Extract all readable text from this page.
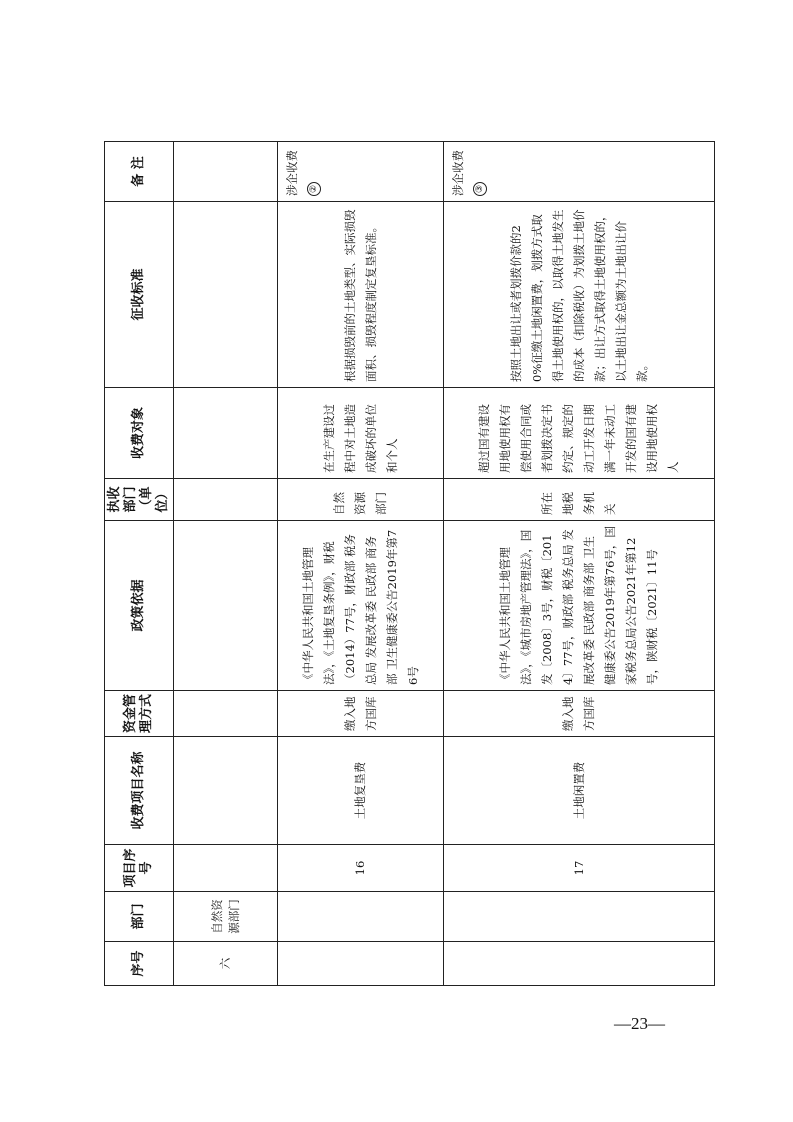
序号	部门	项目序号	收费项目名称	资金管理方式	政策依据	执收部门（单位）	收费对象	征收标准	备 注
六	自然资源部门								
		16	土地复垦费	缴入地方国库	《中华人民共和国土地管理法》，《土地复垦条例》，财税（2014）77号，财政部 税务总局 发展改革委 民政部 商务部 卫生健康委公告2019年第76号	自然资源部门	在生产建设过程中对土地造成破坏的单位和个人	根据损毁前的土地类型、实际损毁面积、损毁程度制定复垦标准。	涉企收费 ②
		17	土地闲置费	缴入地方国库	《中华人民共和国土地管理法》，《城市房地产管理法》，国发〔2008〕3号，财税〔2014〕77号，财政部 税务总局 发展改革委 民政部 商务部 卫生健康委公告2019年第76号，国家税务总局公告2021年第12号，陕财税〔2021〕11号	所在地税务机关	超过国有建设用地使用权有偿使用合同或者划拨决定书约定、规定的动工开发日期满一年未动工开发的国有建设用地使用权人	按照土地出让或者划拨价款的20%征缴土地闲置费，划拨方式取得土地使用权的，以取得土地发生的成本（扣除税收）为划拨土地价款；出让方式取得土地使用权的，以土地出让金总额为土地出让价款。	涉企收费 ③
—23—
